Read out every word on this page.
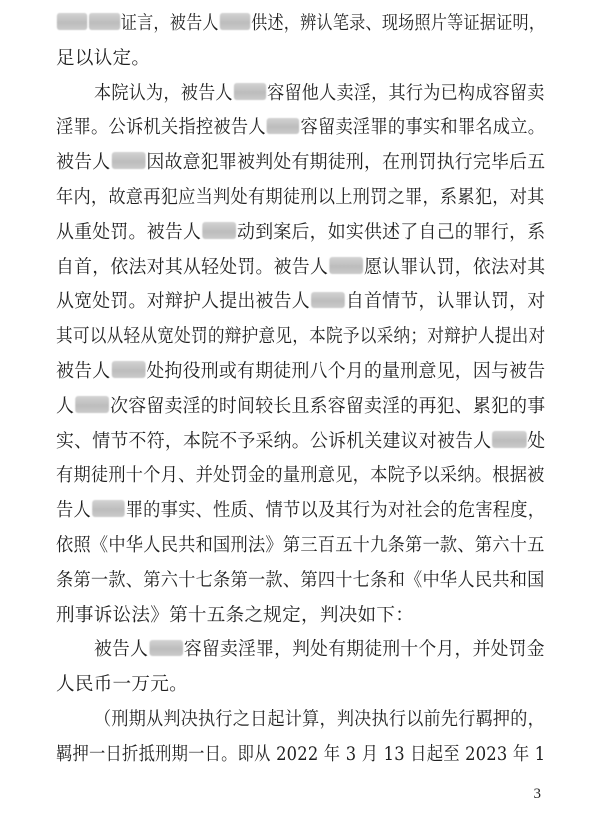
3
证言，被告人 供述，辨认笔录、现场照片等证据证明，
足以认定。
本院认为，被告人 容留他人卖淫，其行为已构成容留卖
淫罪。公诉机关指控被告人 容留卖淫罪的事实和罪名成立。
被告人 因故意犯罪被判处有期徒刑，在刑罚执行完毕后五
年内，故意再犯应当判处有期徒刑以上刑罚之罪，系累犯，对其
从重处罚。被告人 动到案后，如实供述了自己的罪行，系
自首，依法对其从轻处罚。被告人 愿认罪认罚，依法对其
从宽处罚。对辩护人提出被告人 自首情节，认罪认罚，对
其可以从轻从宽处罚的辩护意见，本院予以采纳；对辩护人提出对
被告人 处拘役刑或有期徒刑八个月的量刑意见，因与被告
人 次容留卖淫的时间较长且系容留卖淫的再犯、累犯的事
实、情节不符，本院不予采纳。公诉机关建议对被告人 处
有期徒刑十个月、并处罚金的量刑意见，本院予以采纳。根据被
告人 罪的事实、性质、情节以及其行为对社会的危害程度，
依照《中华人民共和国刑法》第三百五十九条第一款、第六十五
条第一款、第六十七条第一款、第四十七条和《中华人民共和国
刑事诉讼法》第十五条之规定，判决如下：
被告人 容留卖淫罪，判处有期徒刑十个月，并处罚金
人民币一万元。
（刑期从判决执行之日起计算，判决执行以前先行羁押的，
羁押一日折抵刑期一日。即从 2022 年 3 月 13 日起至 2023 年 1
